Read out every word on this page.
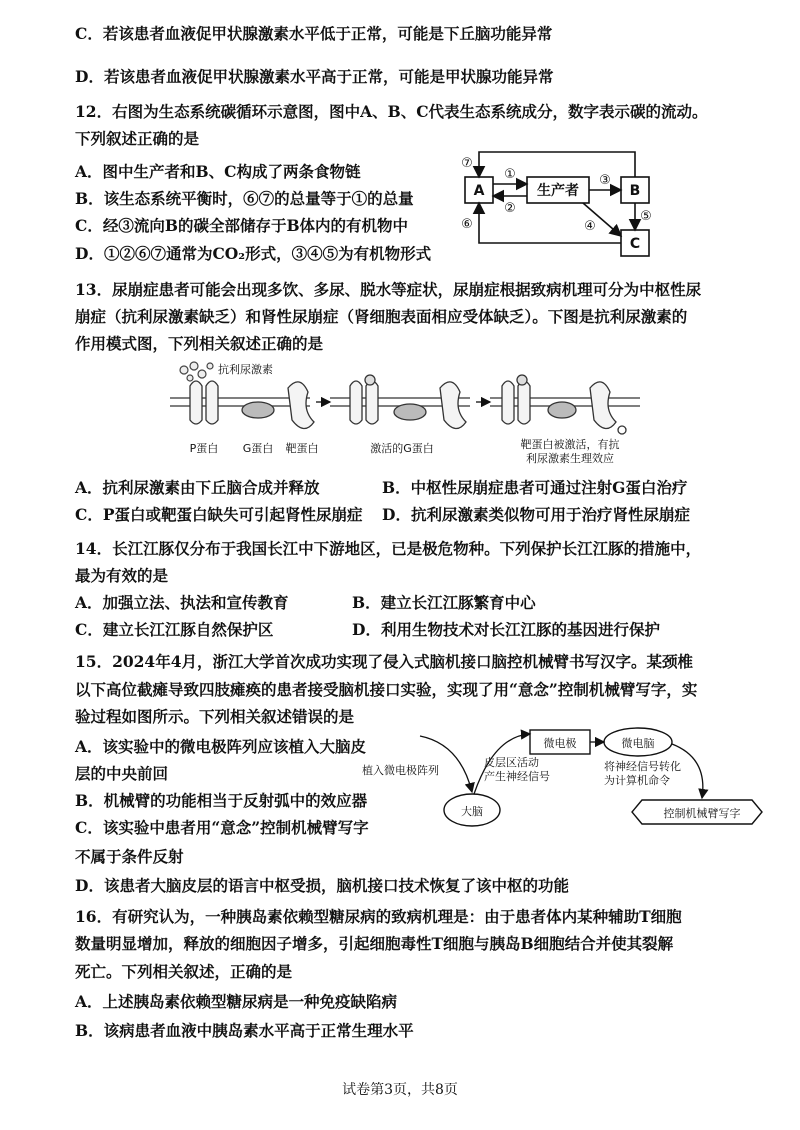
C．若该患者血液促甲状腺激素水平低于正常，可能是下丘脑功能异常
D．若该患者血液促甲状腺激素水平高于正常，可能是甲状腺功能异常
12．右图为生态系统碳循环示意图，图中A、B、C代表生态系统成分，数字表示碳的流动。
下列叙述正确的是
A．图中生产者和B、C构成了两条食物链
B．该生态系统平衡时，⑥⑦的总量等于①的总量
C．经③流向B的碳全部储存于B体内的有机物中
D．①②⑥⑦通常为CO₂形式，③④⑤为有机物形式
A	生产者	B
C
①
②
③
④
⑤
⑥
⑦
13．尿崩症患者可能会出现多饮、多尿、脱水等症状，尿崩症根据致病机理可分为中枢性尿
崩症（抗利尿激素缺乏）和肾性尿崩症（肾细胞表面相应受体缺乏）。下图是抗利尿激素的
作用模式图，下列相关叙述正确的是
抗利尿激素
P蛋白 G蛋白 靶蛋白	激活的G蛋白	靶蛋白被激活，有抗
利尿激素生理效应
A．抗利尿激素由下丘脑合成并释放	B．中枢性尿崩症患者可通过注射G蛋白治疗
C．P蛋白或靶蛋白缺失可引起肾性尿崩症 D．抗利尿激素类似物可用于治疗肾性尿崩症
14．长江江豚仅分布于我国长江中下游地区，已是极危物种。下列保护长江江豚的措施中，
最为有效的是
A．加强立法、执法和宣传教育	B．建立长江江豚繁育中心
C．建立长江江豚自然保护区	D．利用生物技术对长江江豚的基因进行保护
15．2024年4月，浙江大学首次成功实现了侵入式脑机接口脑控机械臂书写汉字。某颈椎
以下高位截瘫导致四肢瘫痪的患者接受脑机接口实验，实现了用“意念”控制机械臂写字，实
验过程如图所示。下列相关叙述错误的是
A．该实验中的微电极阵列应该植入大脑皮
层的中央前回
B．机械臂的功能相当于反射弧中的效应器
C．该实验中患者用“意念”控制机械臂写字
不属于条件反射
D．该患者大脑皮层的语言中枢受损，脑机接口技术恢复了该中枢的功能
微电极	微电脑
植入微电极阵列
皮层区活动
产生神经信号
将神经信号转化
为计算机命令
大脑	控制机械臂写字
16．有研究认为，一种胰岛素依赖型糖尿病的致病机理是：由于患者体内某种辅助T细胞
数量明显增加，释放的细胞因子增多，引起细胞毒性T细胞与胰岛B细胞结合并使其裂解
死亡。下列相关叙述，正确的是
A．上述胰岛素依赖型糖尿病是一种免疫缺陷病
B．该病患者血液中胰岛素水平高于正常生理水平
试卷第3页，共8页
